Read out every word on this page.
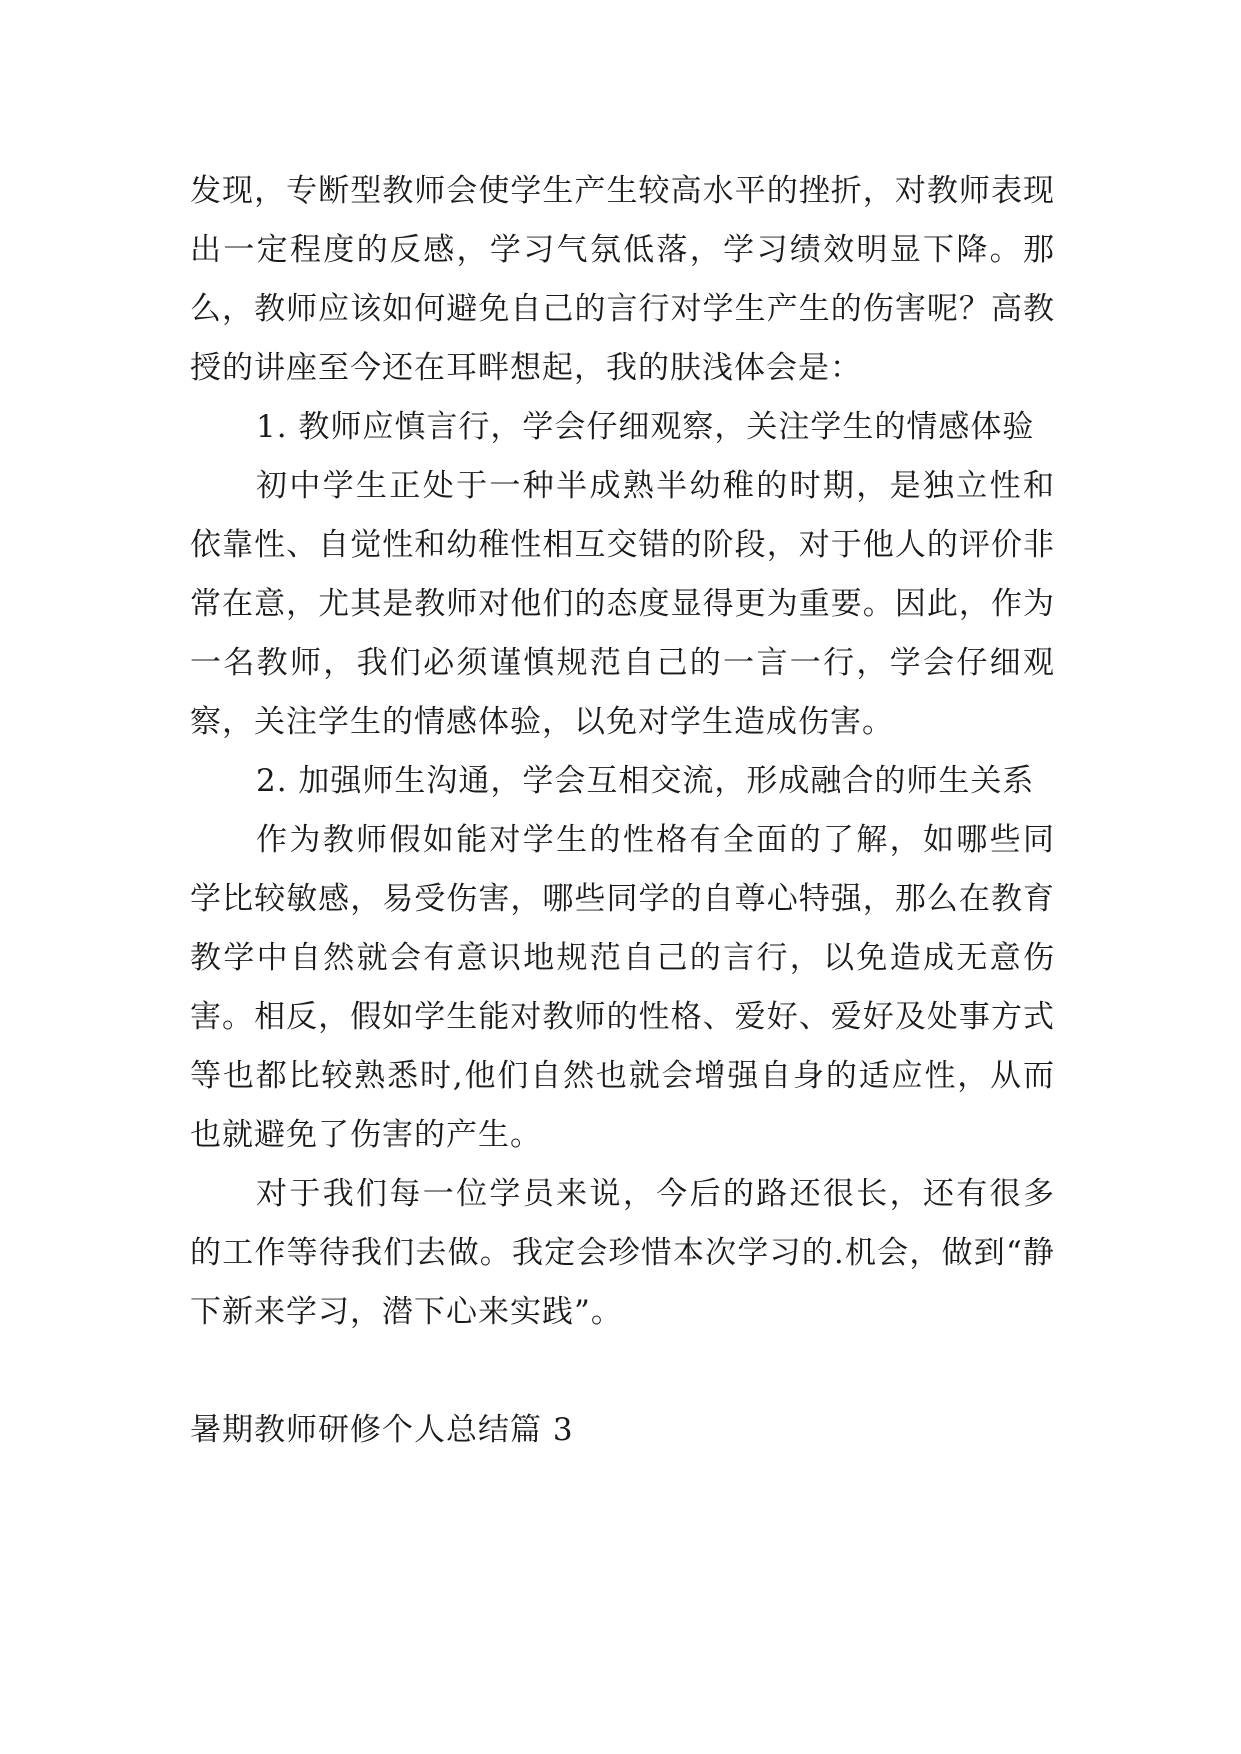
发现，专断型教师会使学生产生较高水平的挫折，对教师表现出一定程度的反感，学习气氛低落，学习绩效明显下降。那么，教师应该如何避免自己的言行对学生产生的伤害呢？高教授的讲座至今还在耳畔想起，我的肤浅体会是：

1. 教师应慎言行，学会仔细观察，关注学生的情感体验

初中学生正处于一种半成熟半幼稚的时期，是独立性和依靠性、自觉性和幼稚性相互交错的阶段，对于他人的评价非常在意，尤其是教师对他们的态度显得更为重要。因此，作为一名教师，我们必须谨慎规范自己的一言一行，学会仔细观察，关注学生的情感体验，以免对学生造成伤害。

2. 加强师生沟通，学会互相交流，形成融合的师生关系

作为教师假如能对学生的性格有全面的了解，如哪些同学比较敏感，易受伤害，哪些同学的自尊心特强，那么在教育教学中自然就会有意识地规范自己的言行，以免造成无意伤害。相反，假如学生能对教师的性格、爱好、爱好及处事方式等也都比较熟悉时,他们自然也就会增强自身的适应性，从而也就避免了伤害的产生。

对于我们每一位学员来说，今后的路还很长，还有很多的工作等待我们去做。我定会珍惜本次学习的.机会，做到“静下新来学习，潜下心来实践”。

暑期教师研修个人总结篇 3
